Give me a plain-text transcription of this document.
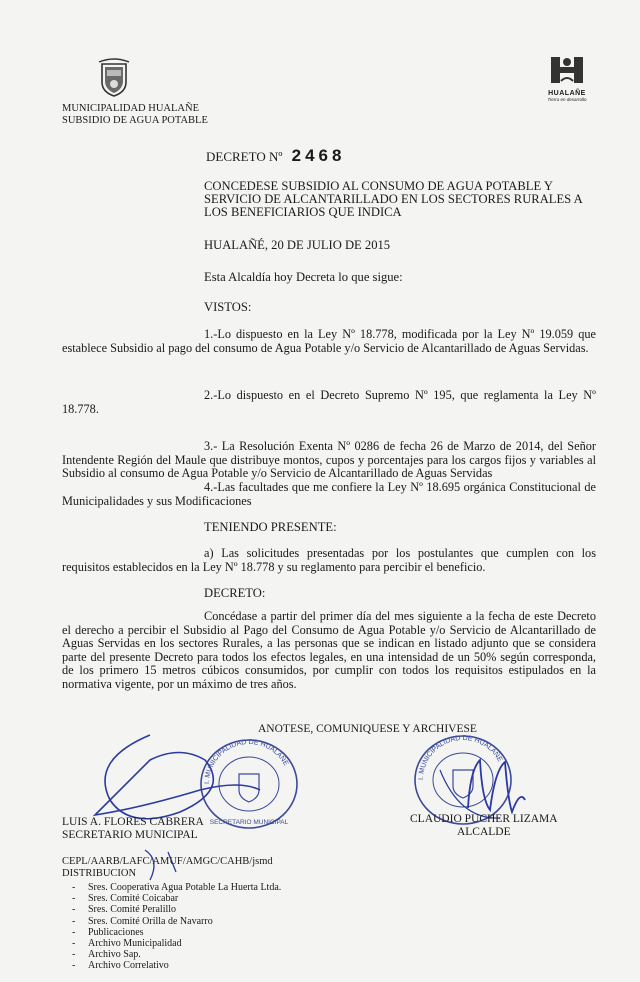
MUNICIPALIDAD HUALAÑE
SUBSIDIO DE AGUA POTABLE
HUALAÑE
Tierra en desarrollo
DECRETO Nº 2468
CONCEDESE SUBSIDIO AL CONSUMO DE AGUA POTABLE Y SERVICIO DE ALCANTARILLADO EN LOS SECTORES RURALES A LOS BENEFICIARIOS QUE INDICA
HUALAÑÉ, 20 DE JULIO DE 2015
Esta Alcaldía hoy Decreta lo que sigue:
VISTOS:
1.-Lo dispuesto en la Ley Nº 18.778, modificada por la Ley Nº 19.059 que establece Subsidio al pago del consumo de Agua Potable y/o Servicio de Alcantarillado de Aguas Servidas.
2.-Lo dispuesto en el Decreto Supremo Nº 195, que reglamenta la Ley Nº 18.778.
3.- La Resolución Exenta Nº 0286 de fecha 26 de Marzo de 2014, del Señor Intendente Región del Maule que distribuye montos, cupos y porcentajes para los cargos fijos y variables al Subsidio al consumo de Agua Potable y/o Servicio de Alcantarillado de Aguas Servidas
4.-Las facultades que me confiere la Ley Nº 18.695 orgánica Constitucional de Municipalidades y sus Modificaciones
TENIENDO PRESENTE:
a) Las solicitudes presentadas por los postulantes que cumplen con los requisitos establecidos en la Ley Nº 18.778 y su reglamento para percibir el beneficio.
DECRETO:
Concédase a partir del primer día del mes siguiente a la fecha de este Decreto el derecho a percibir el Subsidio al Pago del Consumo de Agua Potable y/o Servicio de Alcantarillado de Aguas Servidas en los sectores Rurales, a las personas que se indican en listado adjunto que se considera parte del presente Decreto para todos los efectos legales, en una intensidad de un 50% según corresponda, de los primero 15 metros cúbicos consumidos, por cumplir con todos los requisitos estipulados en la normativa vigente, por un máximo de tres años.
ANOTESE, COMUNIQUESE Y ARCHIVESE
I. MUNICIPALIDAD DE HUALAÑE
SECRETARIO MUNICIPAL
I. MUNICIPALIDAD DE HUALAÑE
LUIS A. FLORES CABRERA
SECRETARIO MUNICIPAL
CLAUDIO PUCHER LIZAMA
ALCALDE
CEPL/AARB/LAFC/AMUF/AMGC/CAHB/jsmd
DISTRIBUCION
- Sres. Cooperativa Agua Potable La Huerta Ltda.
- Sres. Comité Coicabar
- Sres. Comité Peralillo
- Sres. Comité Orilla de Navarro
- Publicaciones
- Archivo Municipalidad
- Archivo Sap.
- Archivo Correlativo
